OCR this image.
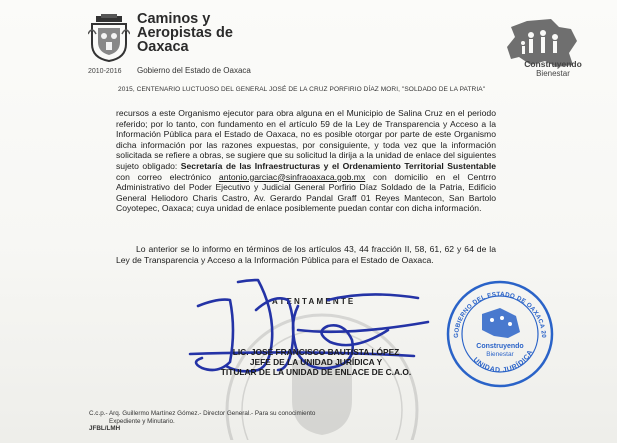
2010-2016
Caminos y
Aeropistas de
Oaxaca
Gobierno del Estado de Oaxaca
Construyendo
Bienestar
2015, CENTENARIO LUCTUOSO DEL GENERAL JOSÉ DE LA CRUZ PORFIRIO DÍAZ MORI, "SOLDADO DE LA PATRIA"

recursos a este Organismo ejecutor para obra alguna en el Municipio de Salina Cruz en el periodo referido; por lo tanto, con fundamento en el artículo 59 de la Ley de Transparencia y Acceso a la Información Pública para el Estado de Oaxaca, no es posible otorgar por parte de este Organismo dicha información por las razones expuestas, por consiguiente, y toda vez que la información solicitada se refiere a obras, se sugiere que su solicitud la dirija a la unidad de enlace del siguientes sujeto obligado: Secretaría de las Infraestructuras y el Ordenamiento Territorial Sustentable con correo electrónico antonio.garciac@sinfraoaxaca.gob.mx con domicilio en el Centrro Administrativo del Poder Ejecutivo y Judicial General Porfirio Díaz Soldado de la Patria, Edificio General Heliodoro Charis Castro, Av. Gerardo Pandal Graff 01 Reyes Mantecon, San Bartolo Coyotepec, Oaxaca; cuya unidad de enlace posiblemente puedan contar con dicha información.

Lo anterior se lo informo en términos de los artículos 43, 44 fracción II, 58, 61, 62 y 64 de la Ley de Transparencia y Acceso a la Información Pública para el Estado de Oaxaca.
ATENTAMENTE
GOBIERNO DEL ESTADO DE OAXACA 20
UNIDAD JURÍDICA
Construyendo
Bienestar
LIC. JOSÉ FRANCISCO BAUTISTA LÓPEZ
JEFE DE LA UNIDAD JURÍDICA Y
TITULAR DE LA UNIDAD DE ENLACE DE C.A.O.
C.c.p.- Arq. Guillermo Martínez Gómez.- Director General.- Para su conocimiento
Expediente y Minutario.
JFBL/LMH
